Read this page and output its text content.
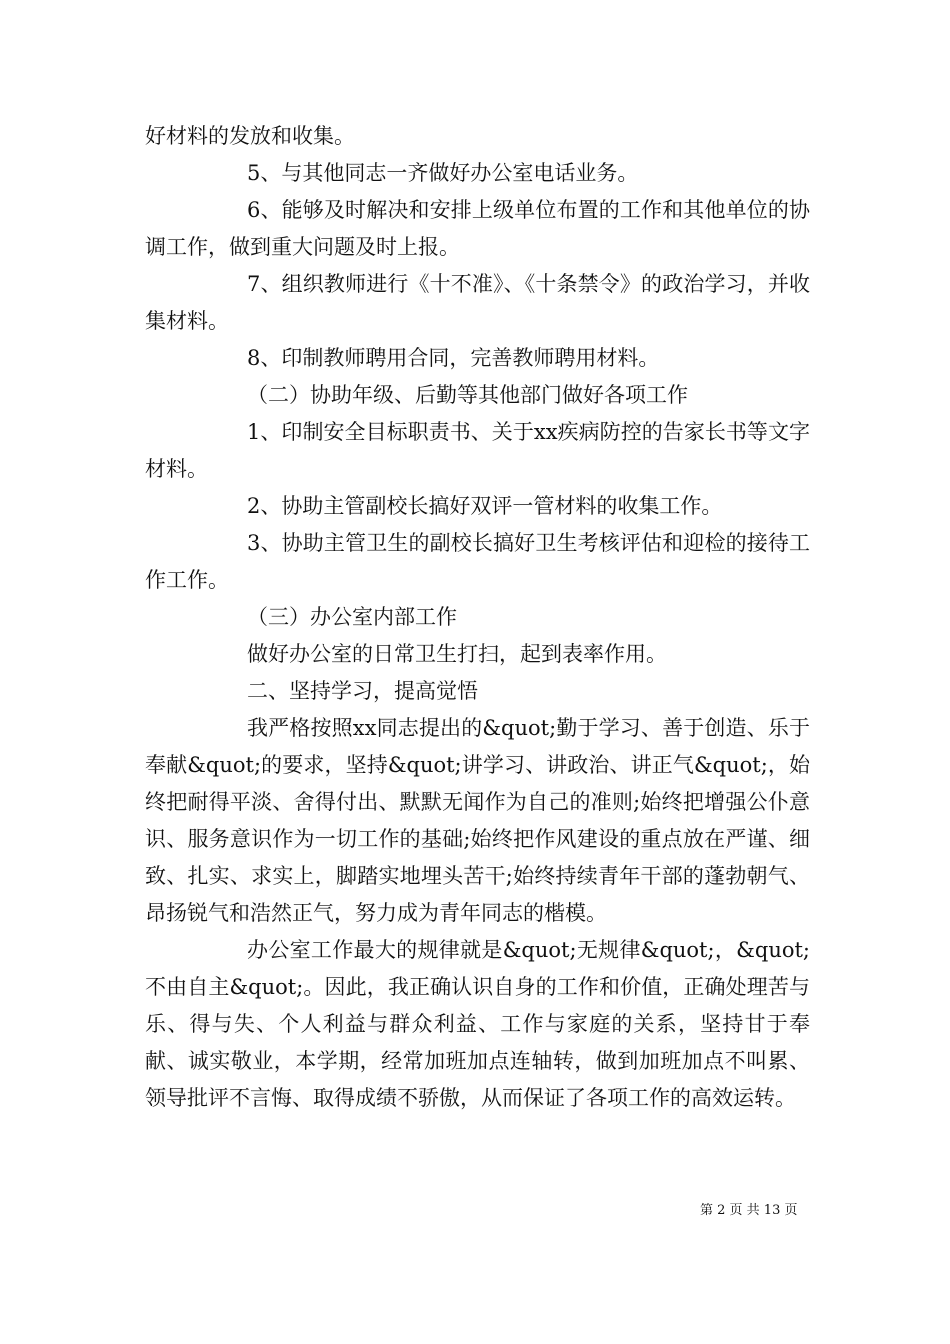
好材料的发放和收集。

5、与其他同志一齐做好办公室电话业务。

6、能够及时解决和安排上级单位布置的工作和其他单位的协调工作，做到重大问题及时上报。

7、组织教师进行《十不准》、《十条禁令》的政治学习，并收集材料。

8、印制教师聘用合同，完善教师聘用材料。

（二）协助年级、后勤等其他部门做好各项工作

1、印制安全目标职责书、关于xx疾病防控的告家长书等文字材料。

2、协助主管副校长搞好双评一管材料的收集工作。

3、协助主管卫生的副校长搞好卫生考核评估和迎检的接待工作工作。

（三）办公室内部工作

做好办公室的日常卫生打扫，起到表率作用。

二、坚持学习，提高觉悟

我严格按照xx同志提出的&quot;勤于学习、善于创造、乐于奉献&quot;的要求，坚持&quot;讲学习、讲政治、讲正气&quot;，始终把耐得平淡、舍得付出、默默无闻作为自己的准则;始终把增强公仆意识、服务意识作为一切工作的基础;始终把作风建设的重点放在严谨、细致、扎实、求实上，脚踏实地埋头苦干;始终持续青年干部的蓬勃朝气、昂扬锐气和浩然正气，努力成为青年同志的楷模。

办公室工作最大的规律就是&quot;无规律&quot;，&quot;不由自主&quot;。因此，我正确认识自身的工作和价值，正确处理苦与乐、得与失、个人利益与群众利益、工作与家庭的关系，坚持甘于奉献、诚实敬业，本学期，经常加班加点连轴转，做到加班加点不叫累、领导批评不言悔、取得成绩不骄傲，从而保证了各项工作的高效运转。

第 2 页 共 13 页
